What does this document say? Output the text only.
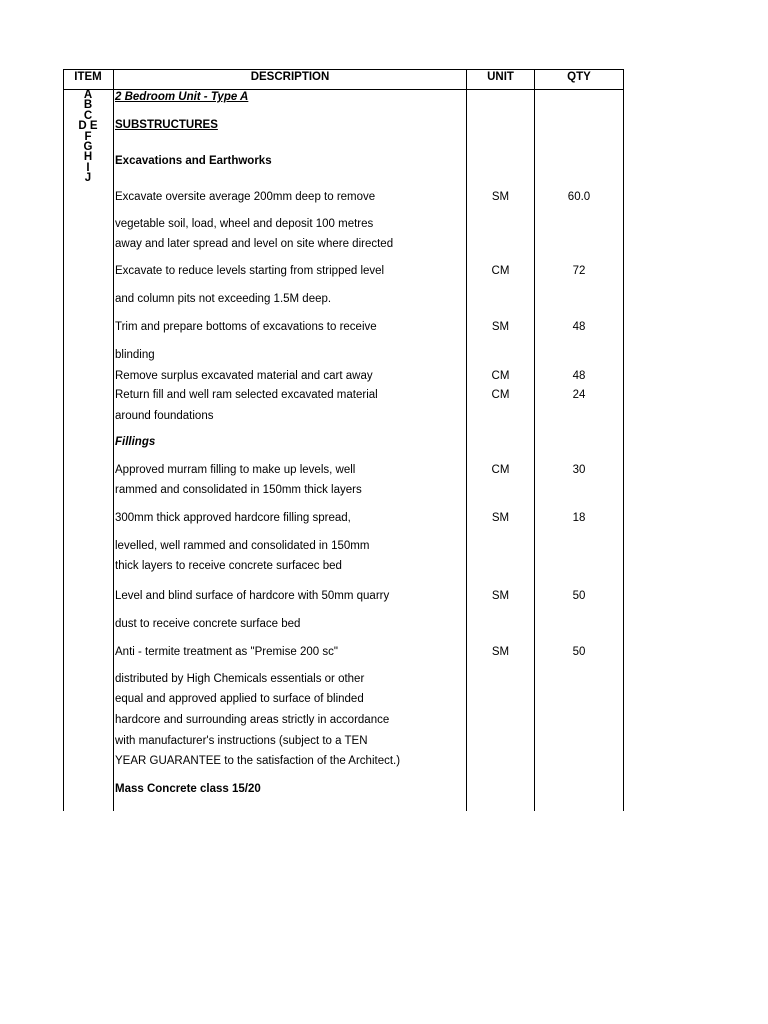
ITEM	DESCRIPTION	UNIT	QTY
A
B
C
D E
F
G
H
I
J
2 Bedroom Unit - Type A
SUBSTRUCTURES
Excavations and Earthworks
Excavate oversite average 200mm deep to remove	SM	60.0
vegetable soil, load, wheel and deposit 100 metres
away and later spread and level on site where directed
Excavate to reduce levels starting from stripped level	CM	72
and column pits not exceeding 1.5M deep.
Trim and prepare bottoms of excavations to receive	SM	48
blinding
Remove surplus excavated material and cart away	CM	48
Return fill and well ram selected excavated material	CM	24
around foundations
Fillings
Approved murram filling to make up levels, well	CM	30
rammed and consolidated in 150mm thick layers
300mm thick approved hardcore filling spread,	SM	18
levelled, well rammed and consolidated in 150mm
thick layers to receive concrete surfacec bed
Level and blind surface of hardcore with 50mm quarry	SM	50
dust to receive concrete surface bed
Anti - termite treatment as "Premise 200 sc"	SM	50
distributed by High Chemicals essentials or other
equal and approved applied to surface of blinded
hardcore and surrounding areas strictly in accordance
with manufacturer's instructions (subject to a TEN
YEAR GUARANTEE to the satisfaction of the Architect.)
Mass Concrete class 15/20
